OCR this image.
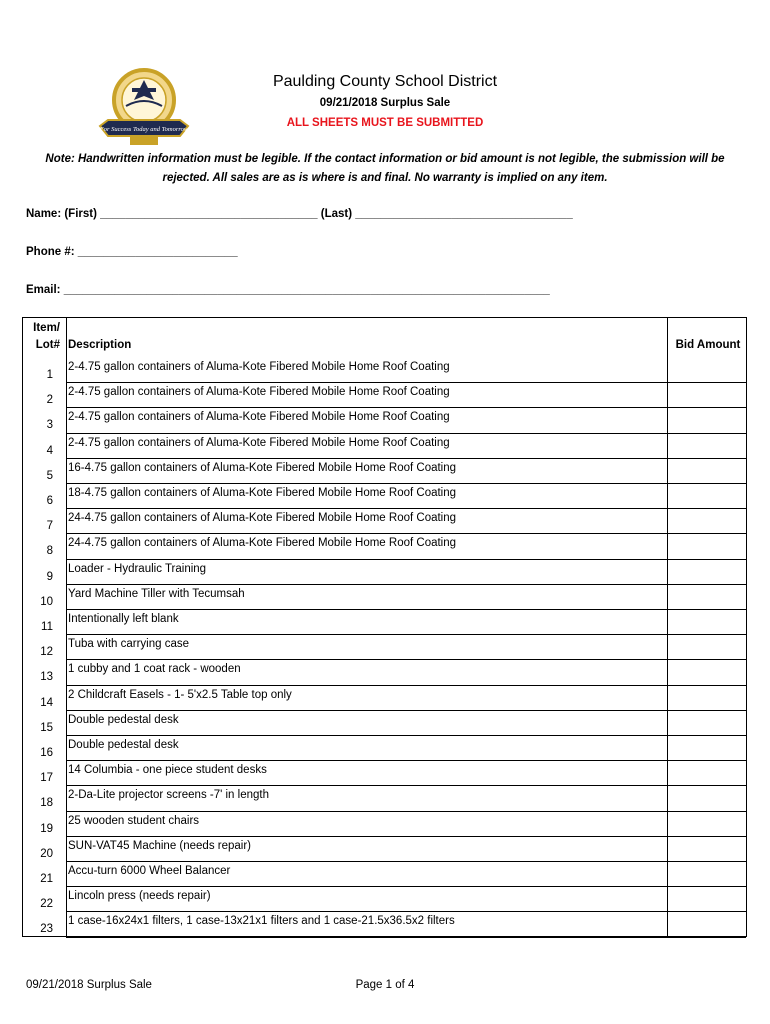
For Success Today and Tomorrow
Paulding County School District
09/21/2018 Surplus Sale
ALL SHEETS MUST BE SUBMITTED
Note: Handwritten information must be legible. If the contact information or bid amount is not legible, the submission will be rejected. All sales are as is where is and final. No warranty is implied on any item.
Name: (First) __________________________________ (Last) __________________________________
Phone #: _________________________
Email: ____________________________________________________________________________
Item/
Lot# Description	Bid Amount
1
2-4.75 gallon containers of Aluma-Kote Fibered Mobile Home Roof Coating
2
2-4.75 gallon containers of Aluma-Kote Fibered Mobile Home Roof Coating
3
2-4.75 gallon containers of Aluma-Kote Fibered Mobile Home Roof Coating
4
2-4.75 gallon containers of Aluma-Kote Fibered Mobile Home Roof Coating
5
16-4.75 gallon containers of Aluma-Kote Fibered Mobile Home Roof Coating
6
18-4.75 gallon containers of Aluma-Kote Fibered Mobile Home Roof Coating
7
24-4.75 gallon containers of Aluma-Kote Fibered Mobile Home Roof Coating
8
24-4.75 gallon containers of Aluma-Kote Fibered Mobile Home Roof Coating
9
Loader - Hydraulic Training
10
Yard Machine Tiller with Tecumsah
11
Intentionally left blank
12
Tuba with carrying case
13
1 cubby and 1 coat rack - wooden
14
2 Childcraft Easels - 1- 5'x2.5 Table top only
15
Double pedestal desk
16
Double pedestal desk
17
14 Columbia - one piece student desks
18
2-Da-Lite projector screens -7' in length
19
25 wooden student chairs
20
SUN-VAT45 Machine (needs repair)
21
Accu-turn 6000 Wheel Balancer
22
Lincoln press (needs repair)
23
1 case-16x24x1 filters, 1 case-13x21x1 filters and 1 case-21.5x36.5x2 filters
09/21/2018 Surplus Sale	Page 1 of 4
